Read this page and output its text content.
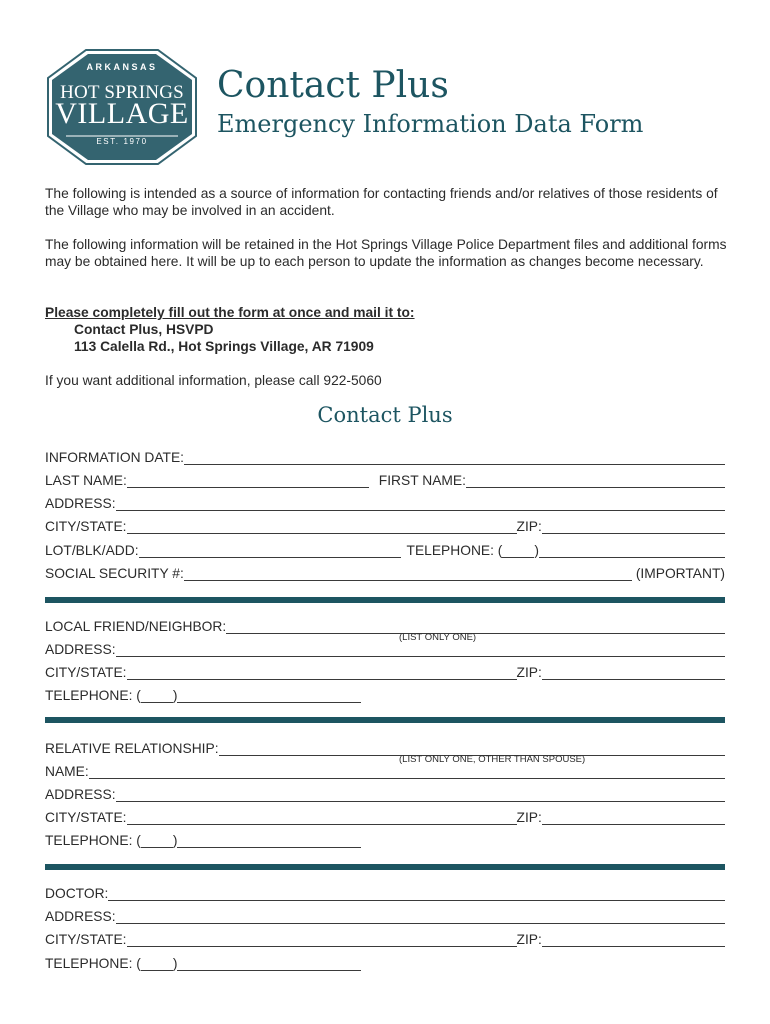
ARKANSAS
HOT SPRINGS
VILLAGE
EST. 1970
Contact Plus
Emergency Information Data Form
The following is intended as a source of information for contacting friends and/or relatives of those residents of the Village who may be involved in an accident.
The following information will be retained in the Hot Springs Village Police Department files and additional forms may be obtained here. It will be up to each person to update the information as changes become necessary.
Please completely fill out the form at once and mail it to:
Contact Plus, HSVPD
113 Calella Rd., Hot Springs Village, AR 71909
If you want additional information, please call 922-5060
Contact Plus
INFORMATION DATE:
LAST NAME:	FIRST NAME:
ADDRESS:
CITY/STATE:	ZIP:
LOT/BLK/ADD:	TELEPHONE: ( )
SOCIAL SECURITY #:	(IMPORTANT)
LOCAL FRIEND/NEIGHBOR:
(LIST ONLY ONE)
ADDRESS:
CITY/STATE:	ZIP:
TELEPHONE: ( )
RELATIVE RELATIONSHIP:
(LIST ONLY ONE, OTHER THAN SPOUSE)
NAME:
ADDRESS:
CITY/STATE:	ZIP:
TELEPHONE: ( )
DOCTOR:
ADDRESS:
CITY/STATE:	ZIP:
TELEPHONE: ( )
